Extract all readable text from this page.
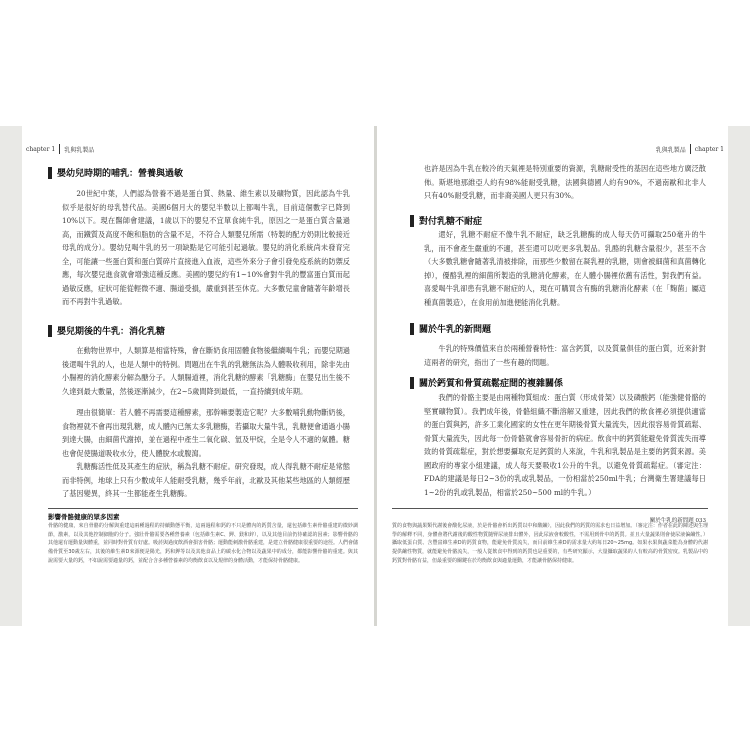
chapter 1 乳與乳製品
嬰幼兒時期的哺乳：營養與過敏

20世紀中葉，人們認為營養不過是蛋白質、熱量、維生素以及礦物質，因此認為牛乳似乎是很好的母乳替代品。美國6個月大的嬰兒半數以上都喝牛乳，目前這個數字已降到10%以下。現在醫師會建議，1歲以下的嬰兒不宜單食純牛乳，原因之一是蛋白質含量過高，而鐵質及高度不飽和脂肪的含量不足，不符合人類嬰兒所需（特製的配方奶則比較接近母乳的成分）。嬰幼兒喝牛乳的另一項缺點是它可能引起過敏。嬰兒的消化系統尚未發育完全，可能讓一些蛋白質和蛋白質碎片直接進入血液，這些外來分子會引發免疫系統的防禦反應，每次嬰兒進食就會增強這種反應。美國的嬰兒約有1~10%會對牛乳的豐富蛋白質而起過敏反應，症狀可能從輕微不適、腸道受損，嚴重到甚至休克。大多數兒童會隨著年齡增長而不再對牛乳過敏。

嬰兒期後的牛乳：消化乳糖

在動物世界中，人類算是相當特殊，會在斷奶食用固體食物後繼續喝牛乳；而嬰兒期過後還喝牛乳的人，也是人類中的特例。問題出在牛乳的乳糖無法為人體吸收利用，除非先由小腸裡的消化酵素分解為醣分子。人類腸道裡，消化乳糖的酵素「乳糖酶」在嬰兒出生後不久達到最大數量，然後逐漸減少，在2~5歲間降到最低，一直持續到成年期。

理由很簡單：若人體不再需要這種酵素，那幹嘛要製造它呢？大多數哺乳動物斷奶後，食物裡就不會再出現乳糖，成人體內已無太多乳糖酶，若攝取大量牛乳，乳糖便會通過小腸到達大腸，由細菌代謝掉，並在過程中產生二氧化碳、氫及甲烷，全是令人不適的氣體。糖也會促使腸道吸收水分，使人體脫水或腹瀉。

乳糖酶活性低及其產生的症狀，稱為乳糖不耐症。研究發現，成人得乳糖不耐症是常態而非特例，地球上只有少數成年人能耐受乳糖，幾乎年前，北歐及其他某些地區的人類經歷了基因變異，終其一生都能產生乳糖酶。

影響骨骼健康的眾多因素

骨骼的健康，來自骨骼的分解與重建這兩種過程的持續動態平衡，這兩過程和鈣的不只是體內的鈣質含量，還包括維生素骨骼重建的微妙調節，激素，以及其他控制細胞的分子。強壯骨骼需要各種營養素（包括維生素C、鉀、鎂和鋅），以及其他目前仍待確認的因素；影響骨骼的其他還有運動量與體重，並同時對骨質有好處。吸菸與過度飲酒會損害骨骼；運動能刺激骨骼重建，是建立骨骼健康很重要的途徑。人們會儲備骨質至30歲左右，其後的維生素D來源便是陽光，鈣和鉀等以及其他食品上的碳水化合物以及蔬果中的成分，都能影響骨骼的重建。與其說需要大量的鈣，不如說需要適量的鈣，並配合含多種營養素的均衡飲食以及規律的身體活動，才能保持骨骼健康。

乳與乳製品 chapter 1

也許是因為牛乳在較冷的天氣裡是特別重要的資源，乳糖耐受性的基因在這些地方廣泛散佈。斯堪地那維亞人約有98%能耐受乳糖，法國與德國人約有90%，不過南歐和北非人只有40%耐受乳糖，而非裔美國人更只有30%。

對付乳糖不耐症

還好，乳糖不耐症不像牛乳不耐症，缺乏乳糖酶的成人每天仍可攝取250毫升的牛乳，而不會產生嚴重的不適，甚至還可以吃更多乳製品。乳酪的乳糖含量很少，甚至不含（大多數乳糖會隨著乳清被排除，而那些少數留在凝乳裡的乳糖，則會被細菌和真菌轉化掉），優酪乳裡的細菌所製造的乳糖消化酵素，在人體小腸裡依舊有活性，對我們有益。喜愛喝牛乳卻患有乳糖不耐症的人，現在可購買含有酶的乳糖消化酵素（在「麴菌」屬這種真菌製造），在食用前加進便能消化乳糖。

關於牛乳的新問題

牛乳的特殊價值來自於兩種營養特性：富含鈣質，以及質量俱佳的蛋白質，近來針對這兩者的研究，指出了一些有趣的問題。

關於鈣質和骨質疏鬆症間的複雜關係

我們的骨骼主要是由兩種物質組成：蛋白質（形成骨架）以及磷酸鈣（能強健骨骼的堅實礦物質）。我們成年後，骨骼組織不斷溶解又重建，因此我們的飲食裡必須提供適當的蛋白質與鈣，許多工業化國家的女性在更年期後骨質大量流失，因此很容易骨質疏鬆、骨質大量流失，因此每一份骨骼就會容易骨折的病症。飲食中的鈣質能避免骨質流失而導致的骨質疏鬆症，對於想要攝取充足鈣質的人來說，牛乳和乳製品是主要的鈣質來源。美國政府的專家小組建議，成人每天要吸收1公升的牛乳，以避免骨質疏鬆症。（審定注：FDA的建議是每日2~3份的乳或乳製品，一份相當於250ml牛乳；台灣衛生署建議每日1~2份的乳或乳製品，相當於250~500 ml的牛乳。）

關於牛乳的新問題 033

質的食物與蔬果類代謝後會酸化尿液，於是骨骼會析出鈣質以中和酸鹼），因此我們的鈣質的需求也日益增加。（審定注：作者在此的陳述與生理學的解釋不同，身體會將代謝後的酸性物質隨腎尿液排出體外，因此尿液會較酸性，不需用到骨中的鈣質。並且大量蔬果則會使尿液偏鹼性。）攝取低蛋白質、含豐富維生素D的鈣質食物，能避免骨質流失，而目前維生素D的需求量大約每日20~25mg。如果水果與蔬菜能為身體的代謝提供鹼性物質，就能避免骨骼流失，一般人從飲食中得到的鈣質也是重要的，有些研究顯示，大量攝取蔬果的人有較高的骨質密度。乳製品中的鈣質對骨骼有益，但最重要的關鍵在於均衡飲食與適量運動，才能讓骨骼保持健康。
